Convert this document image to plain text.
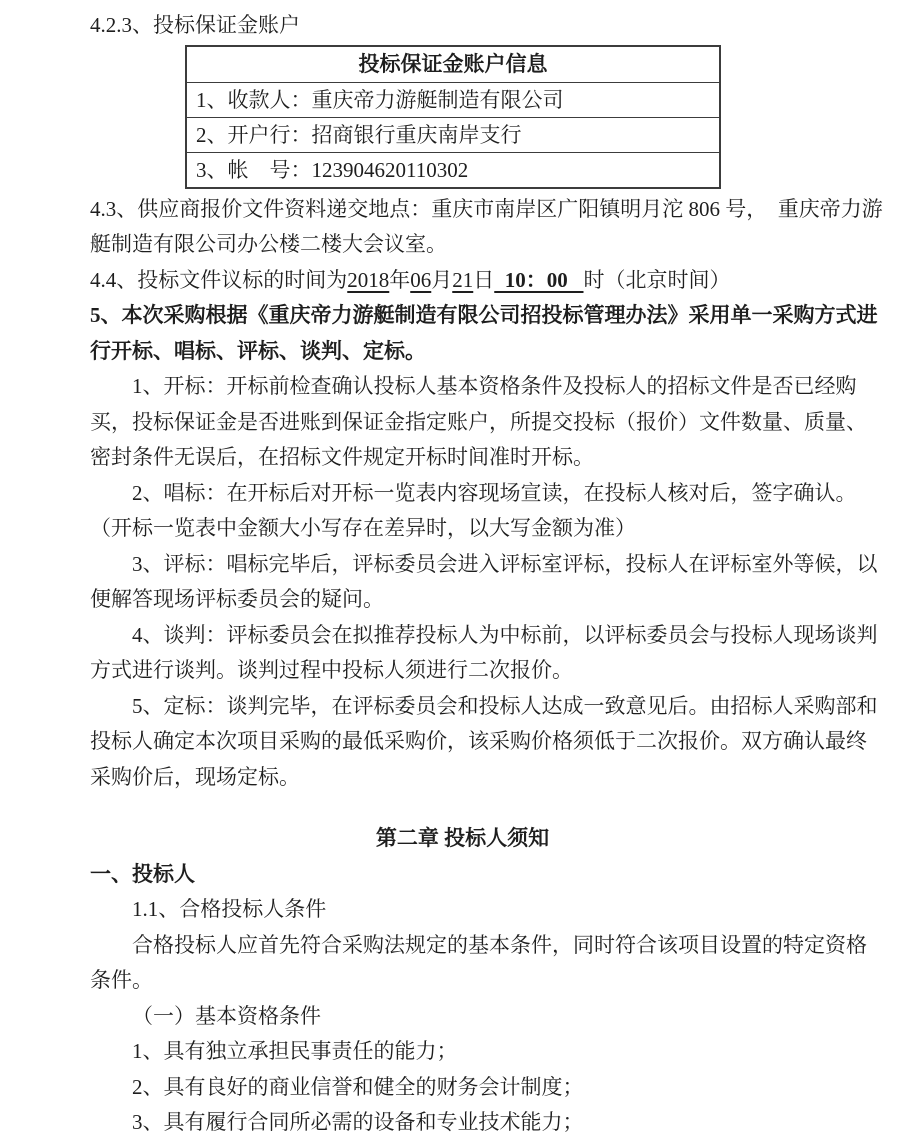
4.2.3、投标保证金账户

投标保证金账户信息
1、收款人：重庆帝力游艇制造有限公司
2、开户行：招商银行重庆南岸支行
3、帐　号：123904620110302

4.3、供应商报价文件资料递交地点：重庆市南岸区广阳镇明月沱 806 号，  重庆帝力游艇制造有限公司办公楼二楼大会议室。

4.4、投标文件议标的时间为2018年06月21日  10：00   时（北京时间）

5、本次采购根据《重庆帝力游艇制造有限公司招投标管理办法》采用单一采购方式进行开标、唱标、评标、谈判、定标。

1、开标：开标前检查确认投标人基本资格条件及投标人的招标文件是否已经购买，投标保证金是否进账到保证金指定账户，所提交投标（报价）文件数量、质量、密封条件无误后，在招标文件规定开标时间准时开标。

2、唱标：在开标后对开标一览表内容现场宣读，在投标人核对后，签字确认。（开标一览表中金额大小写存在差异时，以大写金额为准）

3、评标：唱标完毕后，评标委员会进入评标室评标，投标人在评标室外等候，以便解答现场评标委员会的疑问。

4、谈判：评标委员会在拟推荐投标人为中标前，以评标委员会与投标人现场谈判方式进行谈判。谈判过程中投标人须进行二次报价。

5、定标：谈判完毕，在评标委员会和投标人达成一致意见后。由招标人采购部和投标人确定本次项目采购的最低采购价，该采购价格须低于二次报价。双方确认最终采购价后，现场定标。

第二章 投标人须知

一、投标人

1.1、合格投标人条件

合格投标人应首先符合采购法规定的基本条件，同时符合该项目设置的特定资格条件。

（一）基本资格条件

1、具有独立承担民事责任的能力；

2、具有良好的商业信誉和健全的财务会计制度；

3、具有履行合同所必需的设备和专业技术能力；
